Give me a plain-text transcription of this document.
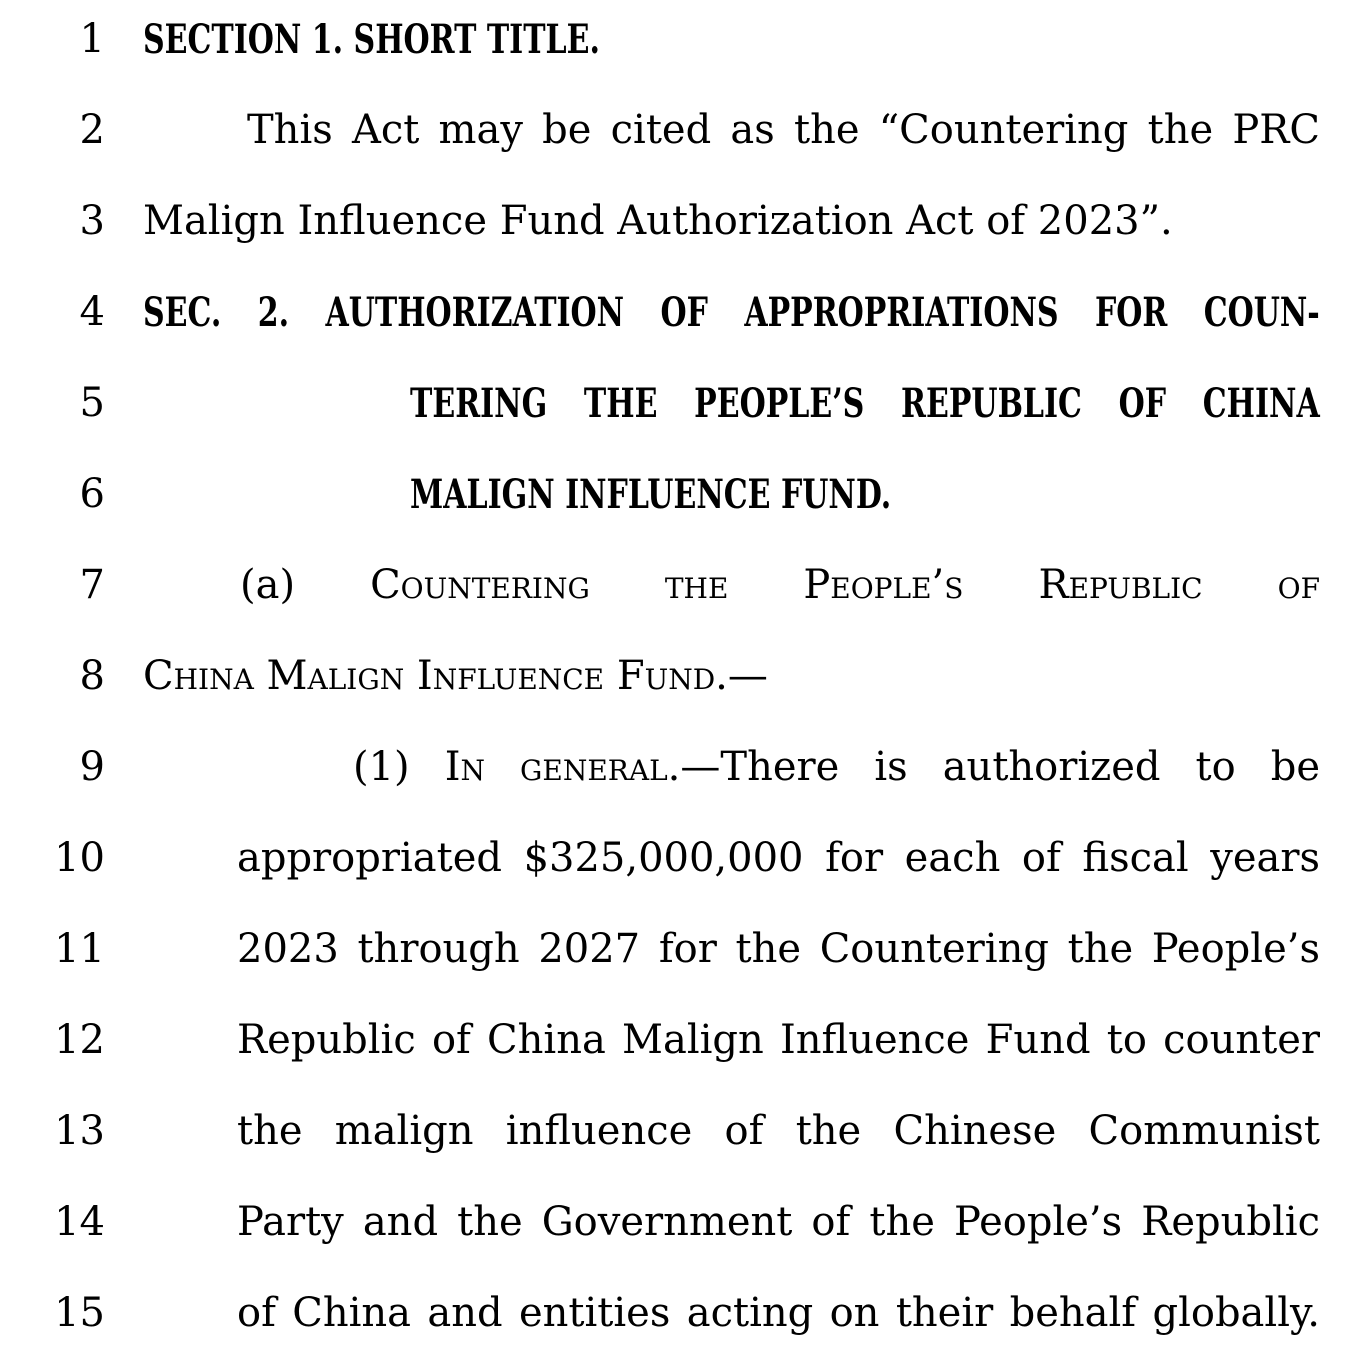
1 SECTION 1. SHORT TITLE.
2	This Act may be cited as the “Countering the PRC
3 Malign Influence Fund Authorization Act of 2023”.
4 SEC. 2. AUTHORIZATION OF APPROPRIATIONS FOR COUN-
5	TERING THE PEOPLE’S REPUBLIC OF CHINA
6	MALIGN INFLUENCE FUND.
7	(a) Countering the People’s Republic of
8 China Malign Influence Fund.—
9	(1) In general.—There is authorized to be
10	appropriated $325,000,000 for each of fiscal years
11	2023 through 2027 for the Countering the People’s
12	Republic of China Malign Influence Fund to counter
13	the malign influence of the Chinese Communist
14	Party and the Government of the People’s Republic
15	of China and entities acting on their behalf globally.
